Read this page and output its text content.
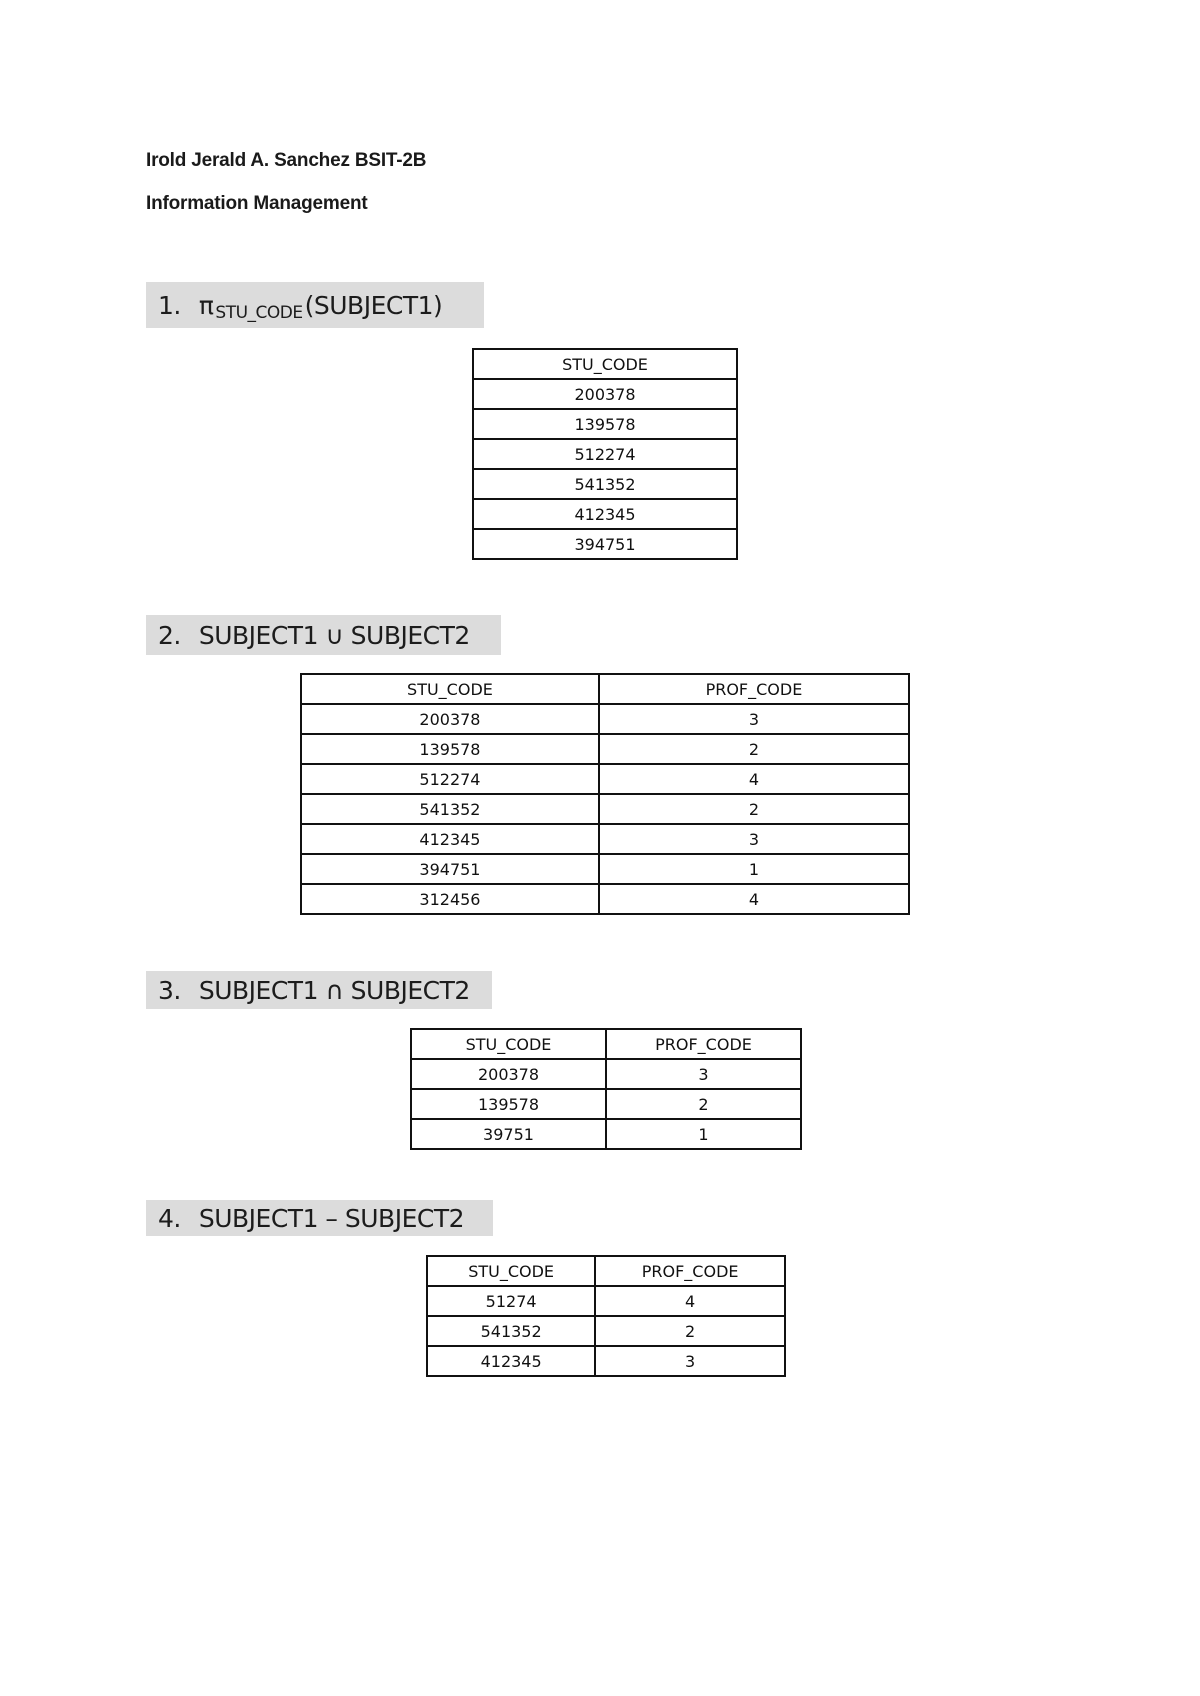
Irold Jerald A. Sanchez BSIT-2B
Information Management
1. π STU_CODE (SUBJECT1)
STU_CODE
200378
139578
512274
541352
412345
394751
2. SUBJECT1 ∪ SUBJECT2
STU_CODE	PROF_CODE
200378	3
139578	2
512274	4
541352	2
412345	3
394751	1
312456	4
3. SUBJECT1 ∩ SUBJECT2
STU_CODE	PROF_CODE
200378	3
139578	2
39751	1
4. SUBJECT1 – SUBJECT2
STU_CODE	PROF_CODE
51274	4
541352	2
412345	3
